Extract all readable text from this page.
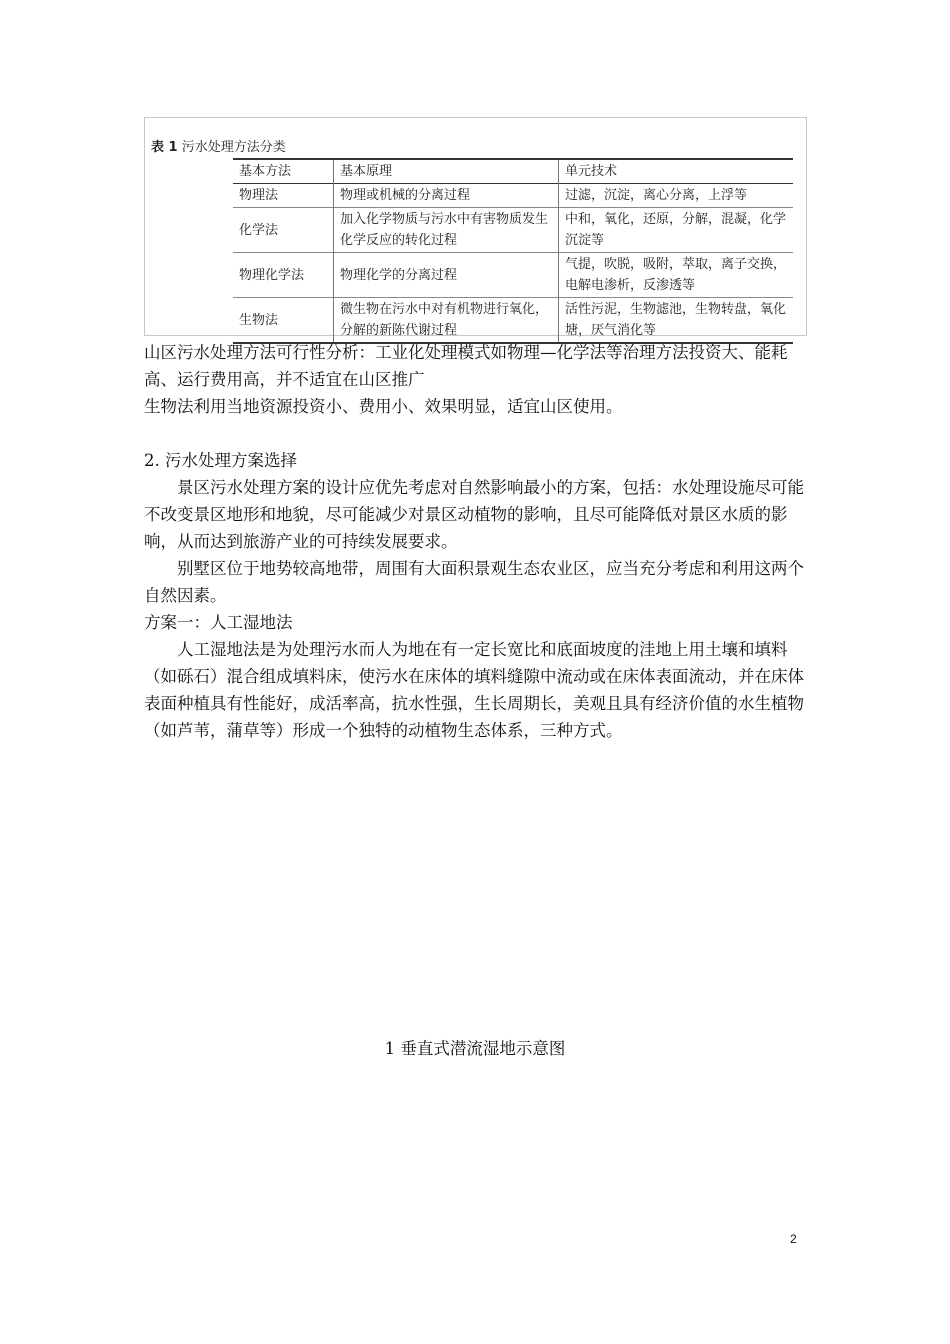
表 1 污水处理方法分类
基本方法	基本原理	单元技术
物理法	物理或机械的分离过程	过滤，沉淀，离心分离，上浮等
化学法	加入化学物质与污水中有害物质发生化学反应的转化过程	中和，氧化，还原，分解，混凝，化学沉淀等
物理化学法	物理化学的分离过程	气提，吹脱，吸附，萃取，离子交换，电解电渗析，反渗透等
生物法	微生物在污水中对有机物进行氧化，分解的新陈代谢过程	活性污泥，生物滤池，生物转盘，氧化塘，厌气消化等

山区污水处理方法可行性分析：工业化处理模式如物理—化学法等治理方法投资大、能耗高、运行费用高，并不适宜在山区推广

生物法利用当地资源投资小、费用小、效果明显，适宜山区使用。

2. 污水处理方案选择

景区污水处理方案的设计应优先考虑对自然影响最小的方案，包括：水处理设施尽可能不改变景区地形和地貌，尽可能减少对景区动植物的影响，且尽可能降低对景区水质的影响，从而达到旅游产业的可持续发展要求。

别墅区位于地势较高地带，周围有大面积景观生态农业区，应当充分考虑和利用这两个自然因素。

方案一：人工湿地法

人工湿地法是为处理污水而人为地在有一定长宽比和底面坡度的洼地上用土壤和填料（如砾石）混合组成填料床，使污水在床体的填料缝隙中流动或在床体表面流动，并在床体表面种植具有性能好，成活率高，抗水性强，生长周期长，美观且具有经济价值的水生植物（如芦苇，蒲草等）形成一个独特的动植物生态体系，三种方式。

1 垂直式潜流湿地示意图
2
